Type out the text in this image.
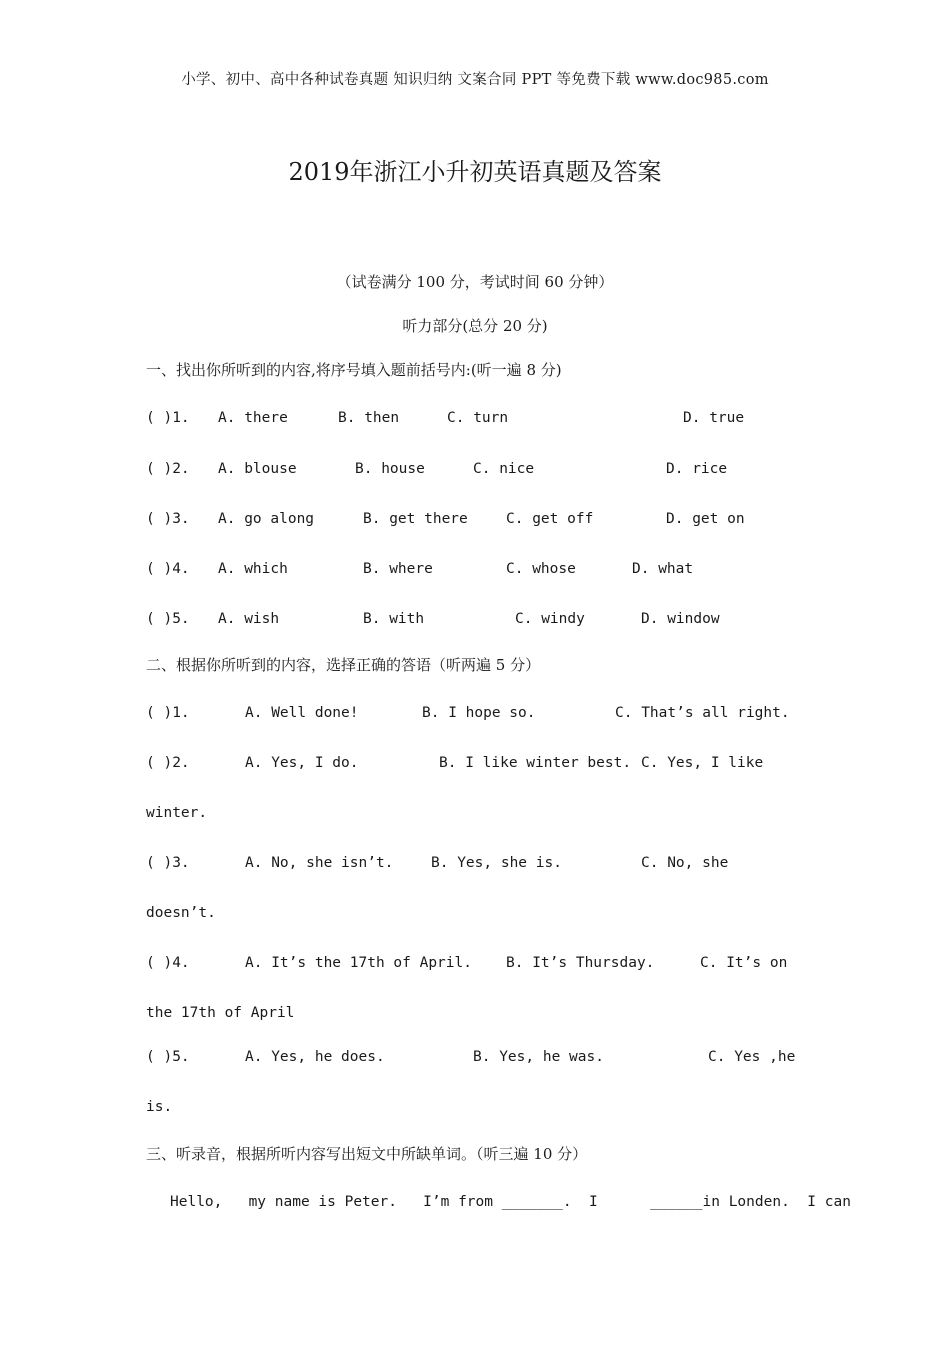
小学、初中、高中各种试卷真题 知识归纳 文案合同 PPT 等免费下载 www.doc985.com
2019年浙江小升初英语真题及答案
（试卷满分 100 分，考试时间 60 分钟）
听力部分(总分 20 分)
一、找出你所听到的内容,将序号填入题前括号内:(听一遍 8 分)
( )1. A. there	B. then	C. turn	D. true
( )2. A. blouse	B. house	C. nice	D. rice
( )3. A. go along	B. get there	C. get off	D. get on
( )4. A. which	B. where	C. whose	D. what
( )5. A. wish	B. with	C. windy	D. window
二、根据你所听到的内容，选择正确的答语（听两遍 5 分）
( )1.	A. Well done!	B. I hope so.	C. That’s all right.
( )2.	A. Yes, I do.	B. I like winter best. C. Yes, I like
winter.
( )3.	A. No, she isn’t.	B. Yes, she is.	C. No, she
doesn’t.
( )4.	A. It’s the 17th of April. B. It’s Thursday.	C. It’s on
the 17th of April
( )5.	A. Yes, he does.	B. Yes, he was.	C. Yes ,he
is.
三、听录音，根据所听内容写出短文中所缺单词。（听三遍 10 分）
Hello,   my name is Peter.   I’m from _______.  I      ______in Londen.  I can
